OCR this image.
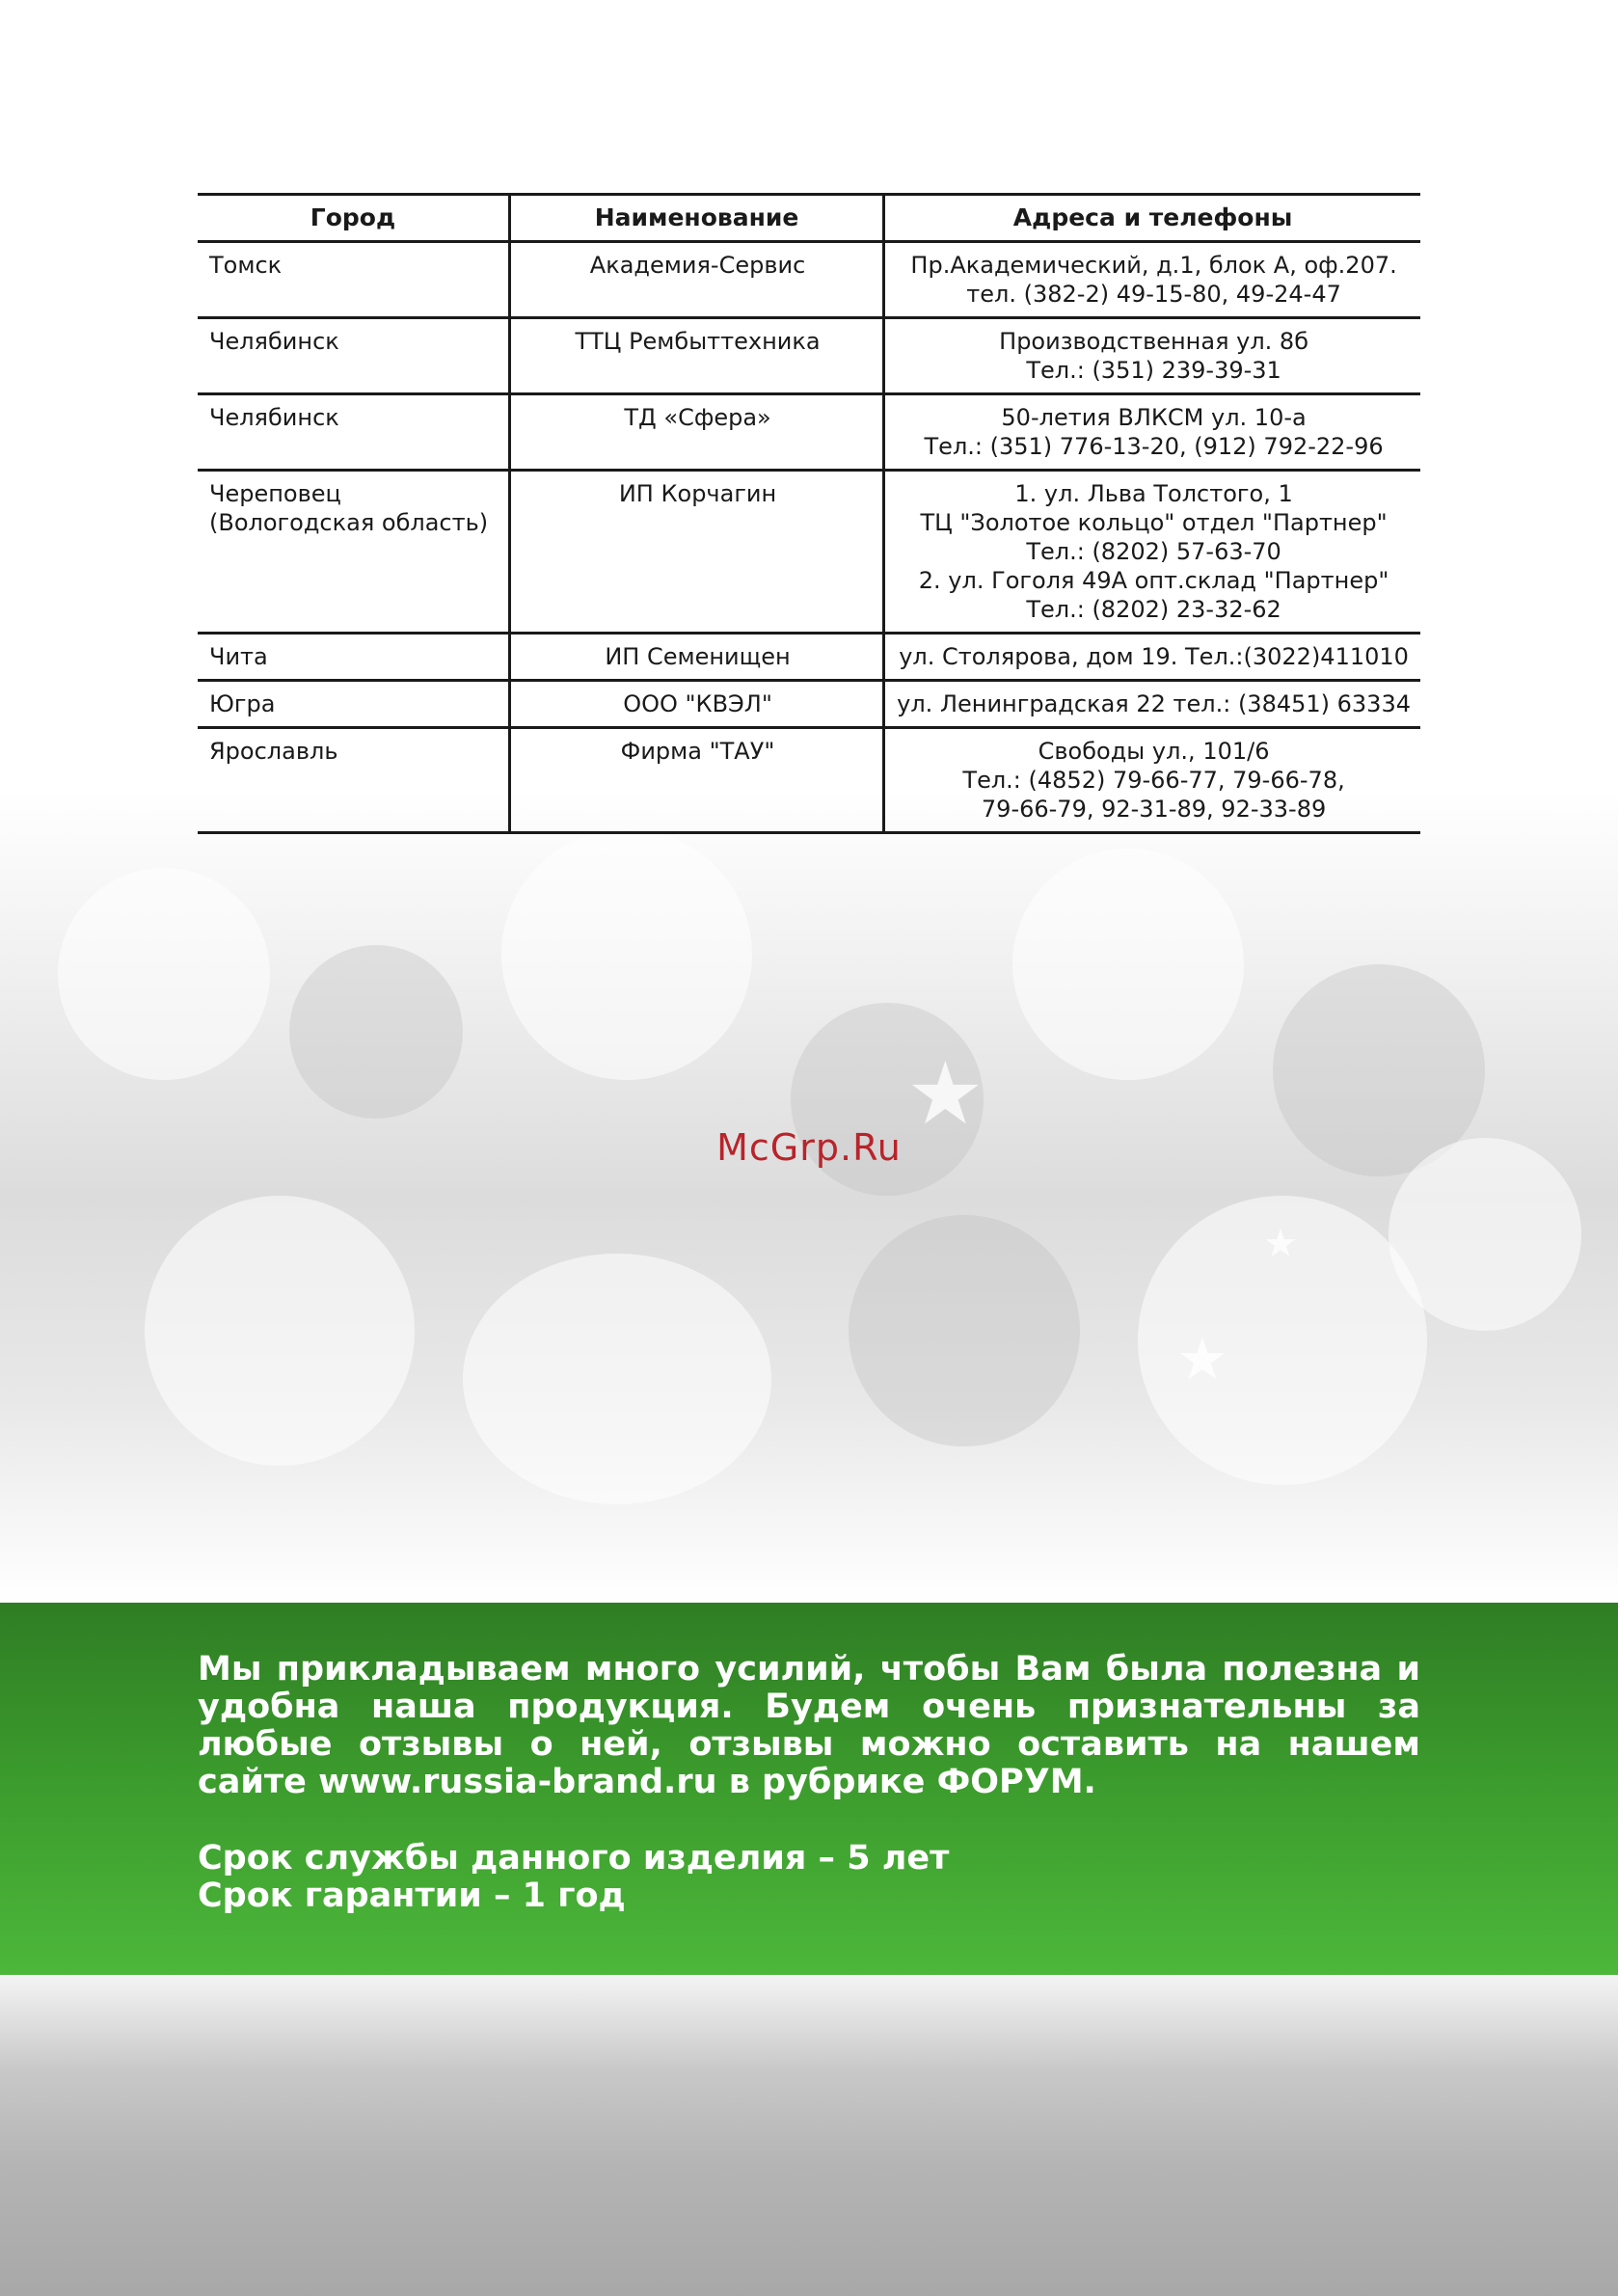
★
★
★
Город	Наименование	Адреса и телефоны

Томск	Академия-Сервис	Пр.Академический, д.1, блок А, оф.207.
тел. (382-2) 49-15-80, 49-24-47

Челябинск	ТТЦ Рембыттехника	Производственная ул. 8б
Тел.: (351) 239-39-31

Челябинск	ТД «Сфера»	50-летия ВЛКСМ ул. 10-а
Тел.: (351) 776-13-20, (912) 792-22-96

Череповец
(Вологодская область)	ИП Корчагин	1. ул. Льва Толстого, 1
ТЦ "Золотое кольцо" отдел "Партнер"
Тел.: (8202) 57-63-70
2. ул. Гоголя 49А опт.склад "Партнер"
Тел.: (8202) 23-32-62

Чита	ИП Семенищен	ул. Столярова, дом 19. Тел.:(3022)411010

Югра	ООО "КВЭЛ"	ул. Ленинградская 22 тел.: (38451) 63334

Ярославль	Фирма "ТАУ"	Свободы ул., 101/6
Тел.: (4852) 79-66-77, 79-66-78,
79-66-79, 92-31-89, 92-33-89
McGrp.Ru

Мы прикладываем много усилий, чтобы Вам была полезна и удобна наша продукция. Будем очень признательны за любые отзывы о ней, отзывы можно оставить на нашем сайте www.russia-brand.ru в рубрике ФОРУМ.

Срок службы данного изделия – 5 лет

Срок гарантии – 1 год
